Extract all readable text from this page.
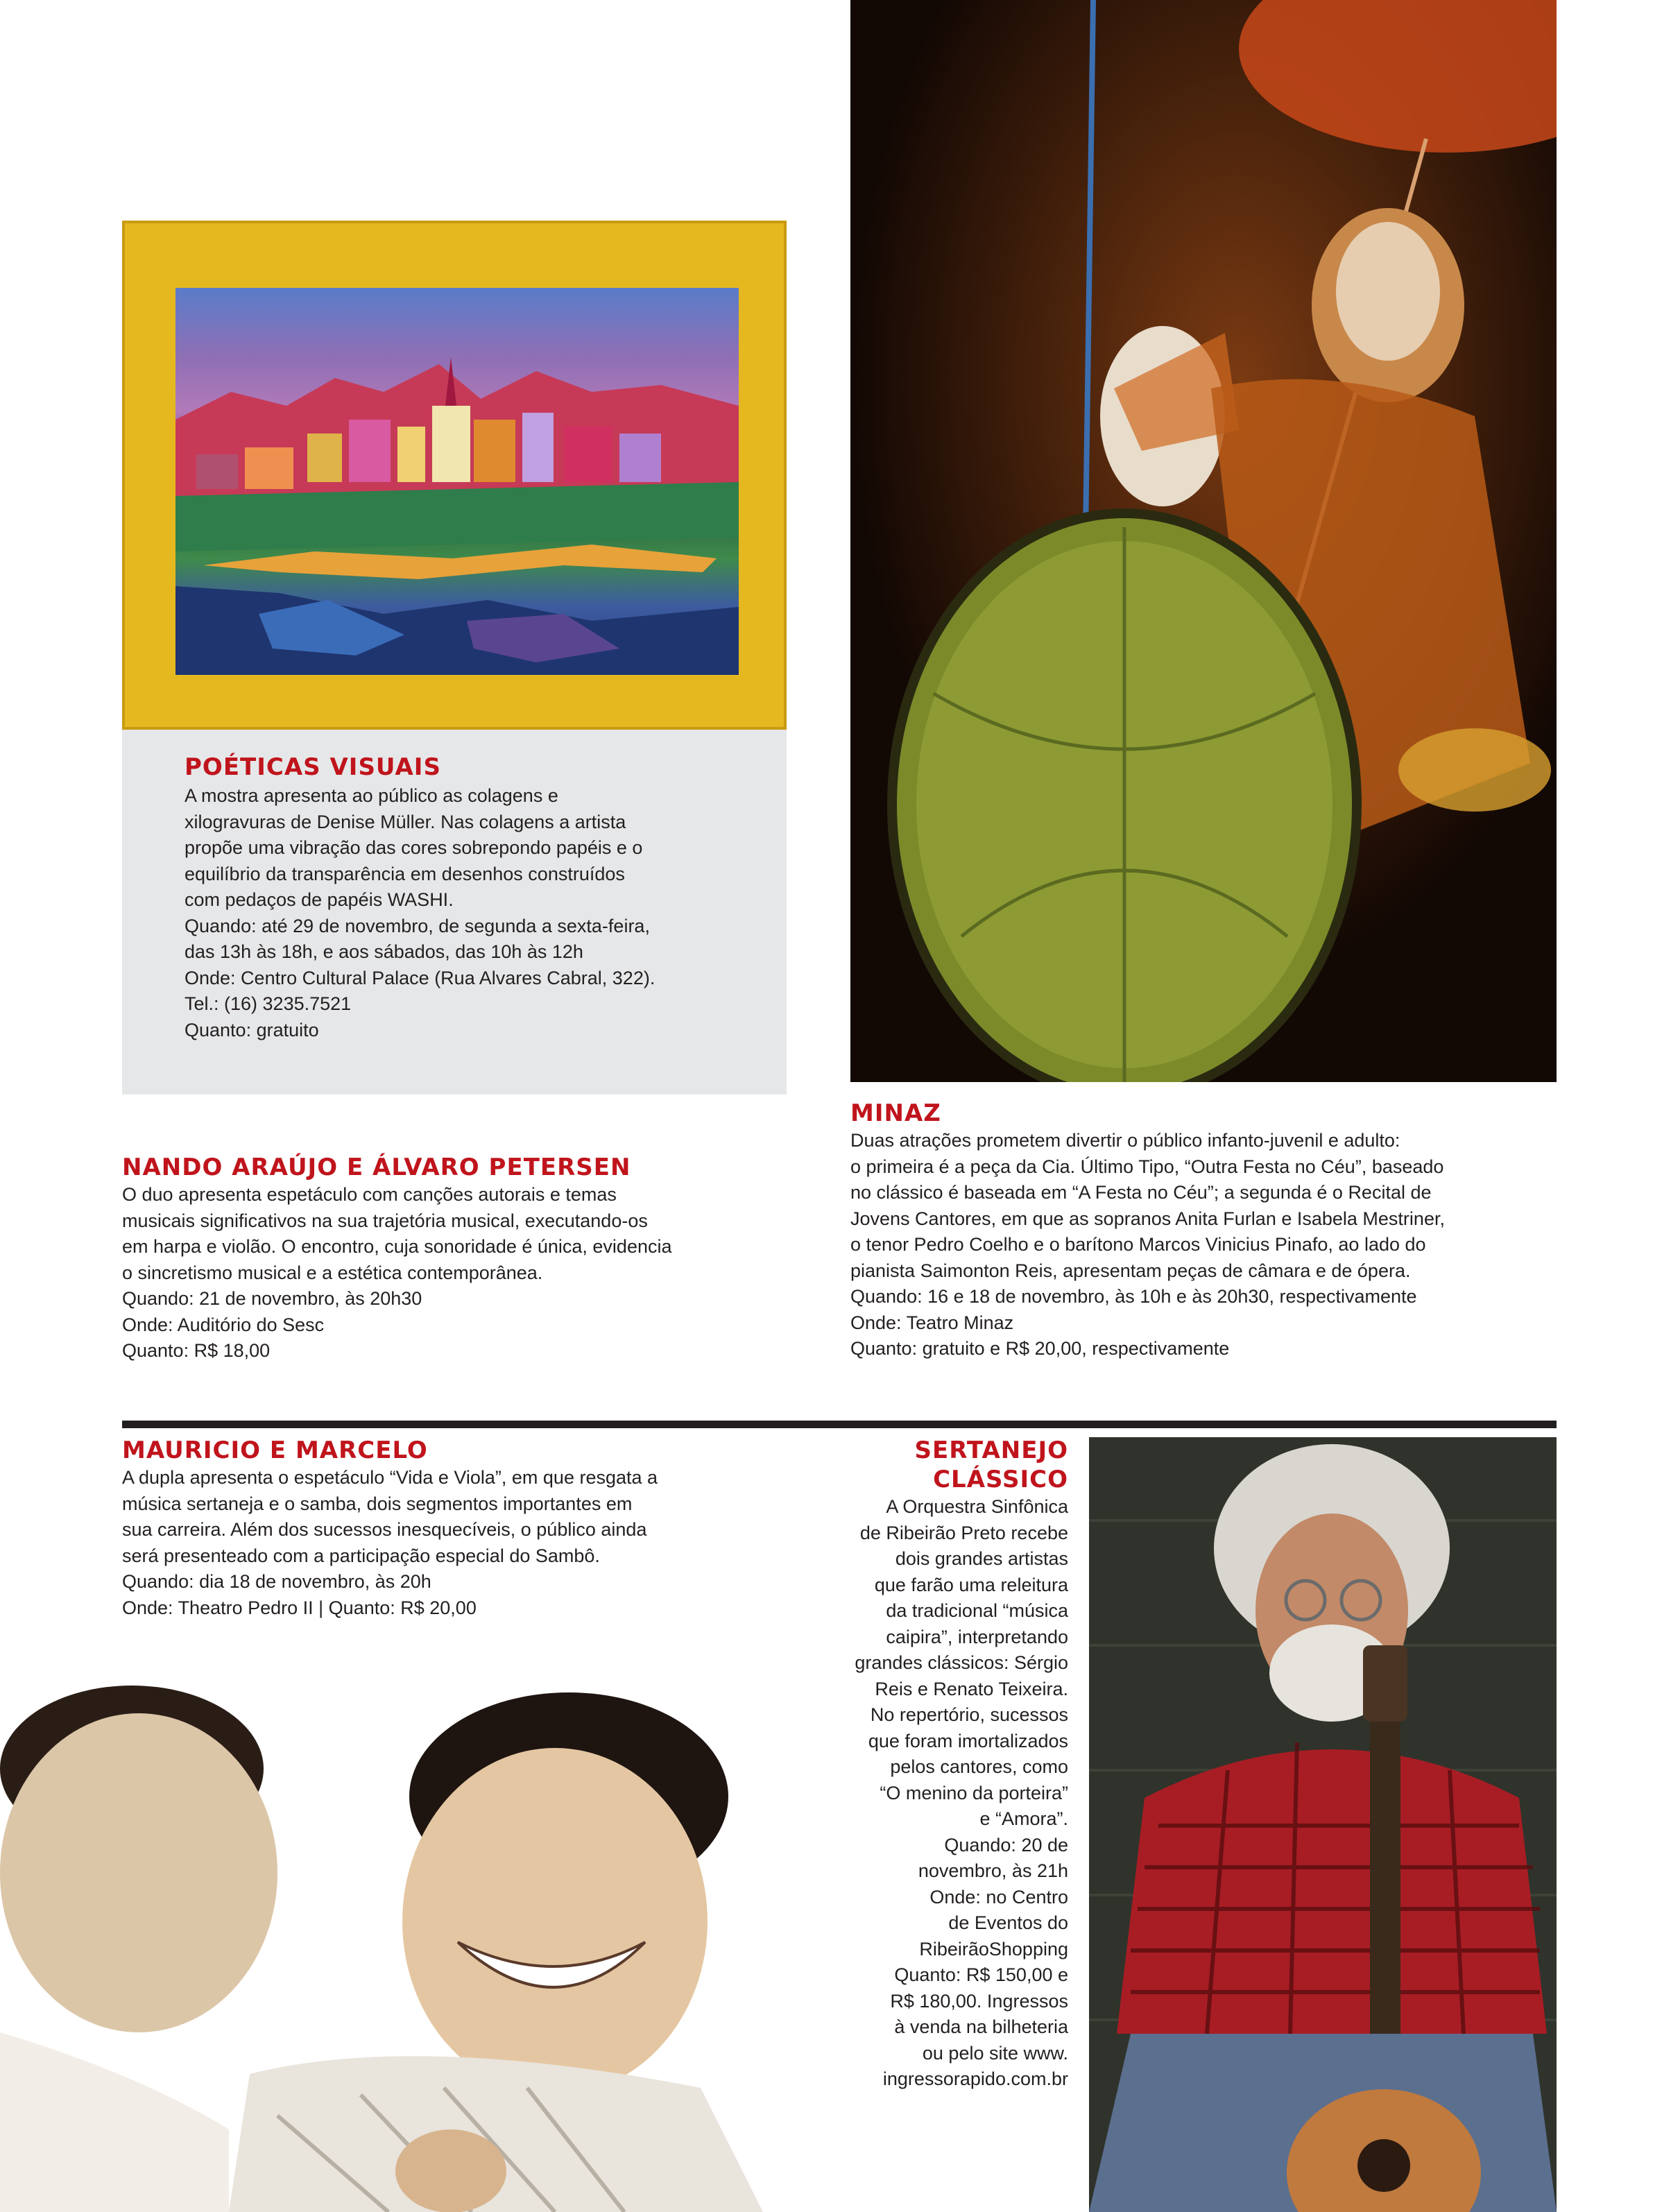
POÉTICAS VISUAIS

A mostra apresenta ao público as colagens e
xilogravuras de Denise Müller. Nas colagens a artista
propõe uma vibração das cores sobrepondo papéis e o
equilíbrio da transparência em desenhos construídos
com pedaços de papéis WASHI.
Quando: até 29 de novembro, de segunda a sexta-feira,
das 13h às 18h, e aos sábados, das 10h às 12h
Onde: Centro Cultural Palace (Rua Alvares Cabral, 322).
Tel.: (16) 3235.7521
Quanto: gratuito

NANDO ARAÚJO E ÁLVARO PETERSEN

O duo apresenta espetáculo com canções autorais e temas
musicais significativos na sua trajetória musical, executando-os
em harpa e violão. O encontro, cuja sonoridade é única, evidencia
o sincretismo musical e a estética contemporânea.
Quando: 21 de novembro, às 20h30
Onde: Auditório do Sesc
Quanto: R$ 18,00

MINAZ

Duas atrações prometem divertir o público infanto-juvenil e adulto:
o primeira é a peça da Cia. Último Tipo, “Outra Festa no Céu”, baseado
no clássico é baseada em “A Festa no Céu”; a segunda é o Recital de
Jovens Cantores, em que as sopranos Anita Furlan e Isabela Mestriner,
o tenor Pedro Coelho e o barítono Marcos Vinicius Pinafo, ao lado do
pianista Saimonton Reis, apresentam peças de câmara e de ópera.
Quando: 16 e 18 de novembro, às 10h e às 20h30, respectivamente
Onde: Teatro Minaz
Quanto: gratuito e R$ 20,00, respectivamente

MAURICIO E MARCELO

A dupla apresenta o espetáculo “Vida e Viola”, em que resgata a
música sertaneja e o samba, dois segmentos importantes em
sua carreira. Além dos sucessos inesquecíveis, o público ainda
será presenteado com a participação especial do Sambô.
Quando: dia 18 de novembro, às 20h
Onde: Theatro Pedro II | Quanto: R$ 20,00

SERTANEJO
CLÁSSICO

A Orquestra Sinfônica
de Ribeirão Preto recebe
dois grandes artistas
que farão uma releitura
da tradicional “música
caipira”, interpretando
grandes clássicos: Sérgio
Reis e Renato Teixeira.
No repertório, sucessos
que foram imortalizados
pelos cantores, como
“O menino da porteira”
e “Amora”.
Quando: 20 de
novembro, às 21h
Onde: no Centro
de Eventos do
RibeirãoShopping
Quanto: R$ 150,00 e
R$ 180,00. Ingressos
à venda na bilheteria
ou pelo site www.
ingressorapido.com.br
